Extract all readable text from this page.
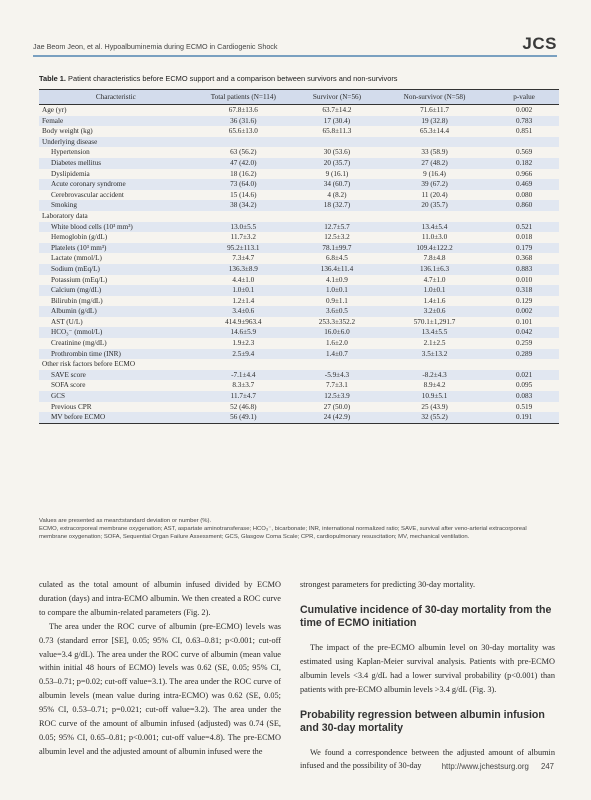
Jae Beom Jeon, et al. Hypoalbuminemia during ECMO in Cardiogenic Shock	JCS
Table 1. Patient characteristics before ECMO support and a comparison between survivors and non-survivors
Characteristic	Total patients (N=114)	Survivor (N=56)	Non-survivor (N=58)	p-value
Age (yr)	67.8±13.6	63.7±14.2	71.6±11.7	0.002
Female	36 (31.6)	17 (30.4)	19 (32.8)	0.783
Body weight (kg)	65.6±13.0	65.8±11.3	65.3±14.4	0.851
Underlying disease				
Hypertension	63 (56.2)	30 (53.6)	33 (58.9)	0.569
Diabetes mellitus	47 (42.0)	20 (35.7)	27 (48.2)	0.182
Dyslipidemia	18 (16.2)	9 (16.1)	9 (16.4)	0.966
Acute coronary syndrome	73 (64.0)	34 (60.7)	39 (67.2)	0.469
Cerebrovascular accident	15 (14.6)	4 (8.2)	11 (20.4)	0.080
Smoking	38 (34.2)	18 (32.7)	20 (35.7)	0.860
Laboratory data				
White blood cells (10³ mm³)	13.0±5.5	12.7±5.7	13.4±5.4	0.521
Hemoglobin (g/dL)	11.7±3.2	12.5±3.2	11.0±3.0	0.018
Platelets (10³ mm³)	95.2±113.1	78.1±99.7	109.4±122.2	0.179
Lactate (mmol/L)	7.3±4.7	6.8±4.5	7.8±4.8	0.368
Sodium (mEq/L)	136.3±8.9	136.4±11.4	136.1±6.3	0.883
Potassium (mEq/L)	4.4±1.0	4.1±0.9	4.7±1.0	0.010
Calcium (mg/dL)	1.0±0.1	1.0±0.1	1.0±0.1	0.318
Bilirubin (mg/dL)	1.2±1.4	0.9±1.1	1.4±1.6	0.129
Albumin (g/dL)	3.4±0.6	3.6±0.5	3.2±0.6	0.002
AST (U/L)	414.9±963.4	253.3±352.2	570.1±1,291.7	0.101
HCO₃⁻ (mmol/L)	14.6±5.9	16.0±6.0	13.4±5.5	0.042
Creatinine (mg/dL)	1.9±2.3	1.6±2.0	2.1±2.5	0.259
Prothrombin time (INR)	2.5±9.4	1.4±0.7	3.5±13.2	0.289
Other risk factors before ECMO				
SAVE score	-7.1±4.4	-5.9±4.3	-8.2±4.3	0.021
SOFA score	8.3±3.7	7.7±3.1	8.9±4.2	0.095
GCS	11.7±4.7	12.5±3.9	10.9±5.1	0.083
Previous CPR	52 (46.8)	27 (50.0)	25 (43.9)	0.519
MV before ECMO	56 (49.1)	24 (42.9)	32 (55.2)	0.191

Values are presented as mean±standard deviation or number (%).

ECMO, extracorporeal membrane oxygenation; AST, aspartate aminotransferase; HCO₃⁻, bicarbonate; INR, international normalized ratio; SAVE, survival after veno-arterial extracorporeal membrane oxygenation; SOFA, Sequential Organ Failure Assessment; GCS, Glasgow Coma Scale; CPR, cardiopulmonary resuscitation; MV, mechanical ventilation.

culated as the total amount of albumin infused divided by ECMO duration (days) and intra-ECMO albumin. We then created a ROC curve to compare the albumin-related parameters (Fig. 2).

The area under the ROC curve of albumin (pre-ECMO) levels was 0.73 (standard error [SE], 0.05; 95% CI, 0.63–0.81; p<0.001; cut-off value=3.4 g/dL). The area under the ROC curve of albumin (mean value within initial 48 hours of ECMO) levels was 0.62 (SE, 0.05; 95% CI, 0.53–0.71; p=0.02; cut-off value=3.1). The area under the ROC curve of albumin levels (mean value during intra-ECMO) was 0.62 (SE, 0.05; 95% CI, 0.53–0.71; p=0.021; cut-off value=3.2). The area under the ROC curve of the amount of albumin infused (adjusted) was 0.74 (SE, 0.05; 95% CI, 0.65–0.81; p<0.001; cut-off value=4.8). The pre-ECMO albumin level and the adjusted amount of albumin infused were the

strongest parameters for predicting 30-day mortality.

Cumulative incidence of 30-day mortality from the time of ECMO initiation

The impact of the pre-ECMO albumin level on 30-day mortality was estimated using Kaplan-Meier survival analysis. Patients with pre-ECMO albumin levels <3.4 g/dL had a lower survival probability (p<0.001) than patients with pre-ECMO albumin levels >3.4 g/dL (Fig. 3).

Probability regression between albumin infusion and 30-day mortality

We found a correspondence between the adjusted amount of albumin infused and the possibility of 30-day	http://www.jchestsurg.org 247
